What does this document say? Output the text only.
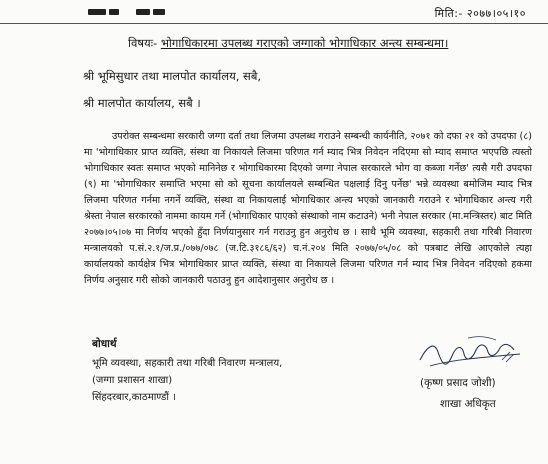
मिति:- २०७७।०५।१०
विषयः- भोगाधिकारमा उपलब्ध गराएको जग्गाको भोगाधिकार अन्त्य सम्बन्धमा।
श्री भूमिसुधार तथा मालपोत कार्यालय, सबै,
श्री मालपोत कार्यालय, सबै ।
उपरोक्त सम्बन्धमा सरकारी जग्गा दर्ता तथा लिजमा उपलब्ध गराउने सम्बन्धी कार्यनीति, २०७१ को दफा २१ को उपदफा (८) मा 'भोगाधिकार प्राप्त व्यक्ति, संस्था वा निकायले लिजमा परिणत गर्न म्याद भित्र निवेदन नदिएमा सो म्याद समाप्त भएपछि त्यस्तो भोगाधिकार स्वतः समाप्त भएको मानिनेछ र भोगाधिकारमा दिएको जग्गा नेपाल सरकारले भोग वा कब्जा गर्नेछ' त्यसै गरी उपदफा (९) मा 'भोगाधिकार समाप्ति भएमा सो को सूचना कार्यालयले सम्बन्धित पक्षलाई दिनु पर्नेछ' भन्ने व्यवस्था बमोजिम म्याद भित्र लिजमा परिणत गर्नमा नगर्ने व्यक्ति, संस्था वा निकायलाई भोगाधिकार अन्त्य भएको जानकारी गराउने र भोगाधिकार अन्त्य गरी श्रेस्ता नेपाल सरकारको नाममा कायम गर्ने (भोगाधिकार पाएको संस्थाको नाम कटाउने) भनी नेपाल सरकार (मा.मन्त्रिस्तर) बाट मिति २०७७।०५।०७ मा निर्णय भएको हुँदा निर्णयानुसार गर्न गराउनु हुन अनुरोध छ । साथै भूमि व्यवस्था, सहकारी तथा गरिबी निवारण मन्त्रालयको प.सं.२.१/ज.प्र./०७७/०७८ (ज.टि.३१८६/६२) च.नं.२०४ मिति २०७७/०५/०८ को पत्रबाट लेखि आएकोले त्यहा कार्यालयको कार्यक्षेत्र भित्र भोगाधिकार प्राप्त व्यक्ति, संस्था वा निकायले लिजमा परिणत गर्न म्याद भित्र निवेदन नदिएको हकमा निर्णय अनुसार गरी सोको जानकारी पठाउनु हुन आदेशानुसार अनुरोध छ ।
बोधार्थ
भूमि व्यवस्था, सहकारी तथा गरिबी निवारण मन्त्रालय,
(जग्गा प्रशासन शाखा)
सिंहदरबार,काठमाण्डौं ।
(कृष्ण प्रसाद जोशी)
शाखा अधिकृत
